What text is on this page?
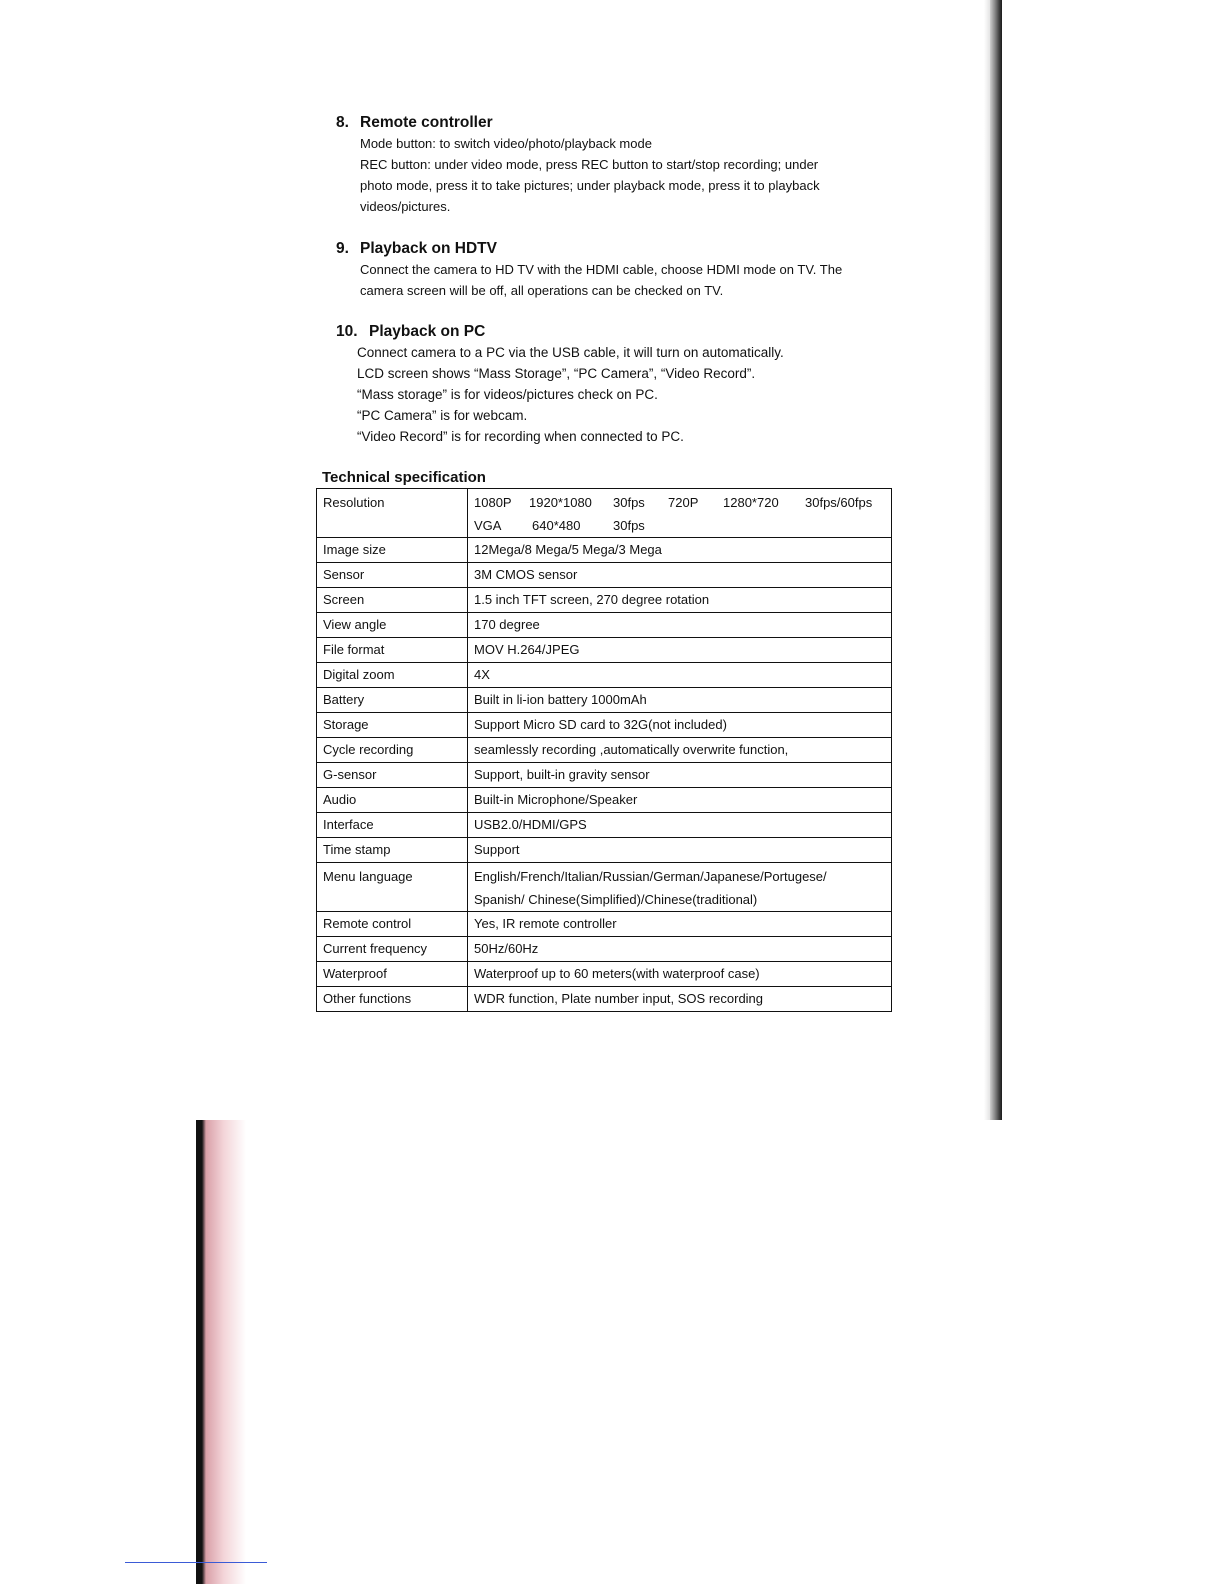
8. Remote controller
Mode button: to switch video/photo/playback mode
REC button: under video mode, press REC button to start/stop recording; under
photo mode, press it to take pictures; under playback mode, press it to playback
videos/pictures.
9. Playback on HDTV
Connect the camera to HD TV with the HDMI cable, choose HDMI mode on TV. The
camera screen will be off, all operations can be checked on TV.
10. Playback on PC
Connect camera to a PC via the USB cable, it will turn on automatically.
LCD screen shows “Mass Storage”, “PC Camera”, “Video Record”.
“Mass storage” is for videos/pictures check on PC.
“PC Camera” is for webcam.
“Video Record” is for recording when connected to PC.
Technical specification
Resolution	1080P 1920*1080 30fps 720P 1280*720 30fps/60fps
VGA 640*480 30fps

Image size	12Mega/8 Mega/5 Mega/3 Mega
Sensor	3M CMOS sensor
Screen	1.5 inch TFT screen, 270 degree rotation
View angle	170 degree
File format	MOV H.264/JPEG
Digital zoom	4X
Battery	Built in li-ion battery 1000mAh
Storage	Support Micro SD card to 32G(not included)
Cycle recording	seamlessly recording ,automatically overwrite function,
G-sensor	Support, built-in gravity sensor
Audio	Built-in Microphone/Speaker
Interface	USB2.0/HDMI/GPS
Time stamp	Support
Menu language	English/French/Italian/Russian/German/Japanese/Portugese/
Spanish/ Chinese(Simplified)/Chinese(traditional)

Remote control	Yes, IR remote controller
Current frequency	50Hz/60Hz
Waterproof	Waterproof up to 60 meters(with waterproof case)
Other functions	WDR function, Plate number input, SOS recording
